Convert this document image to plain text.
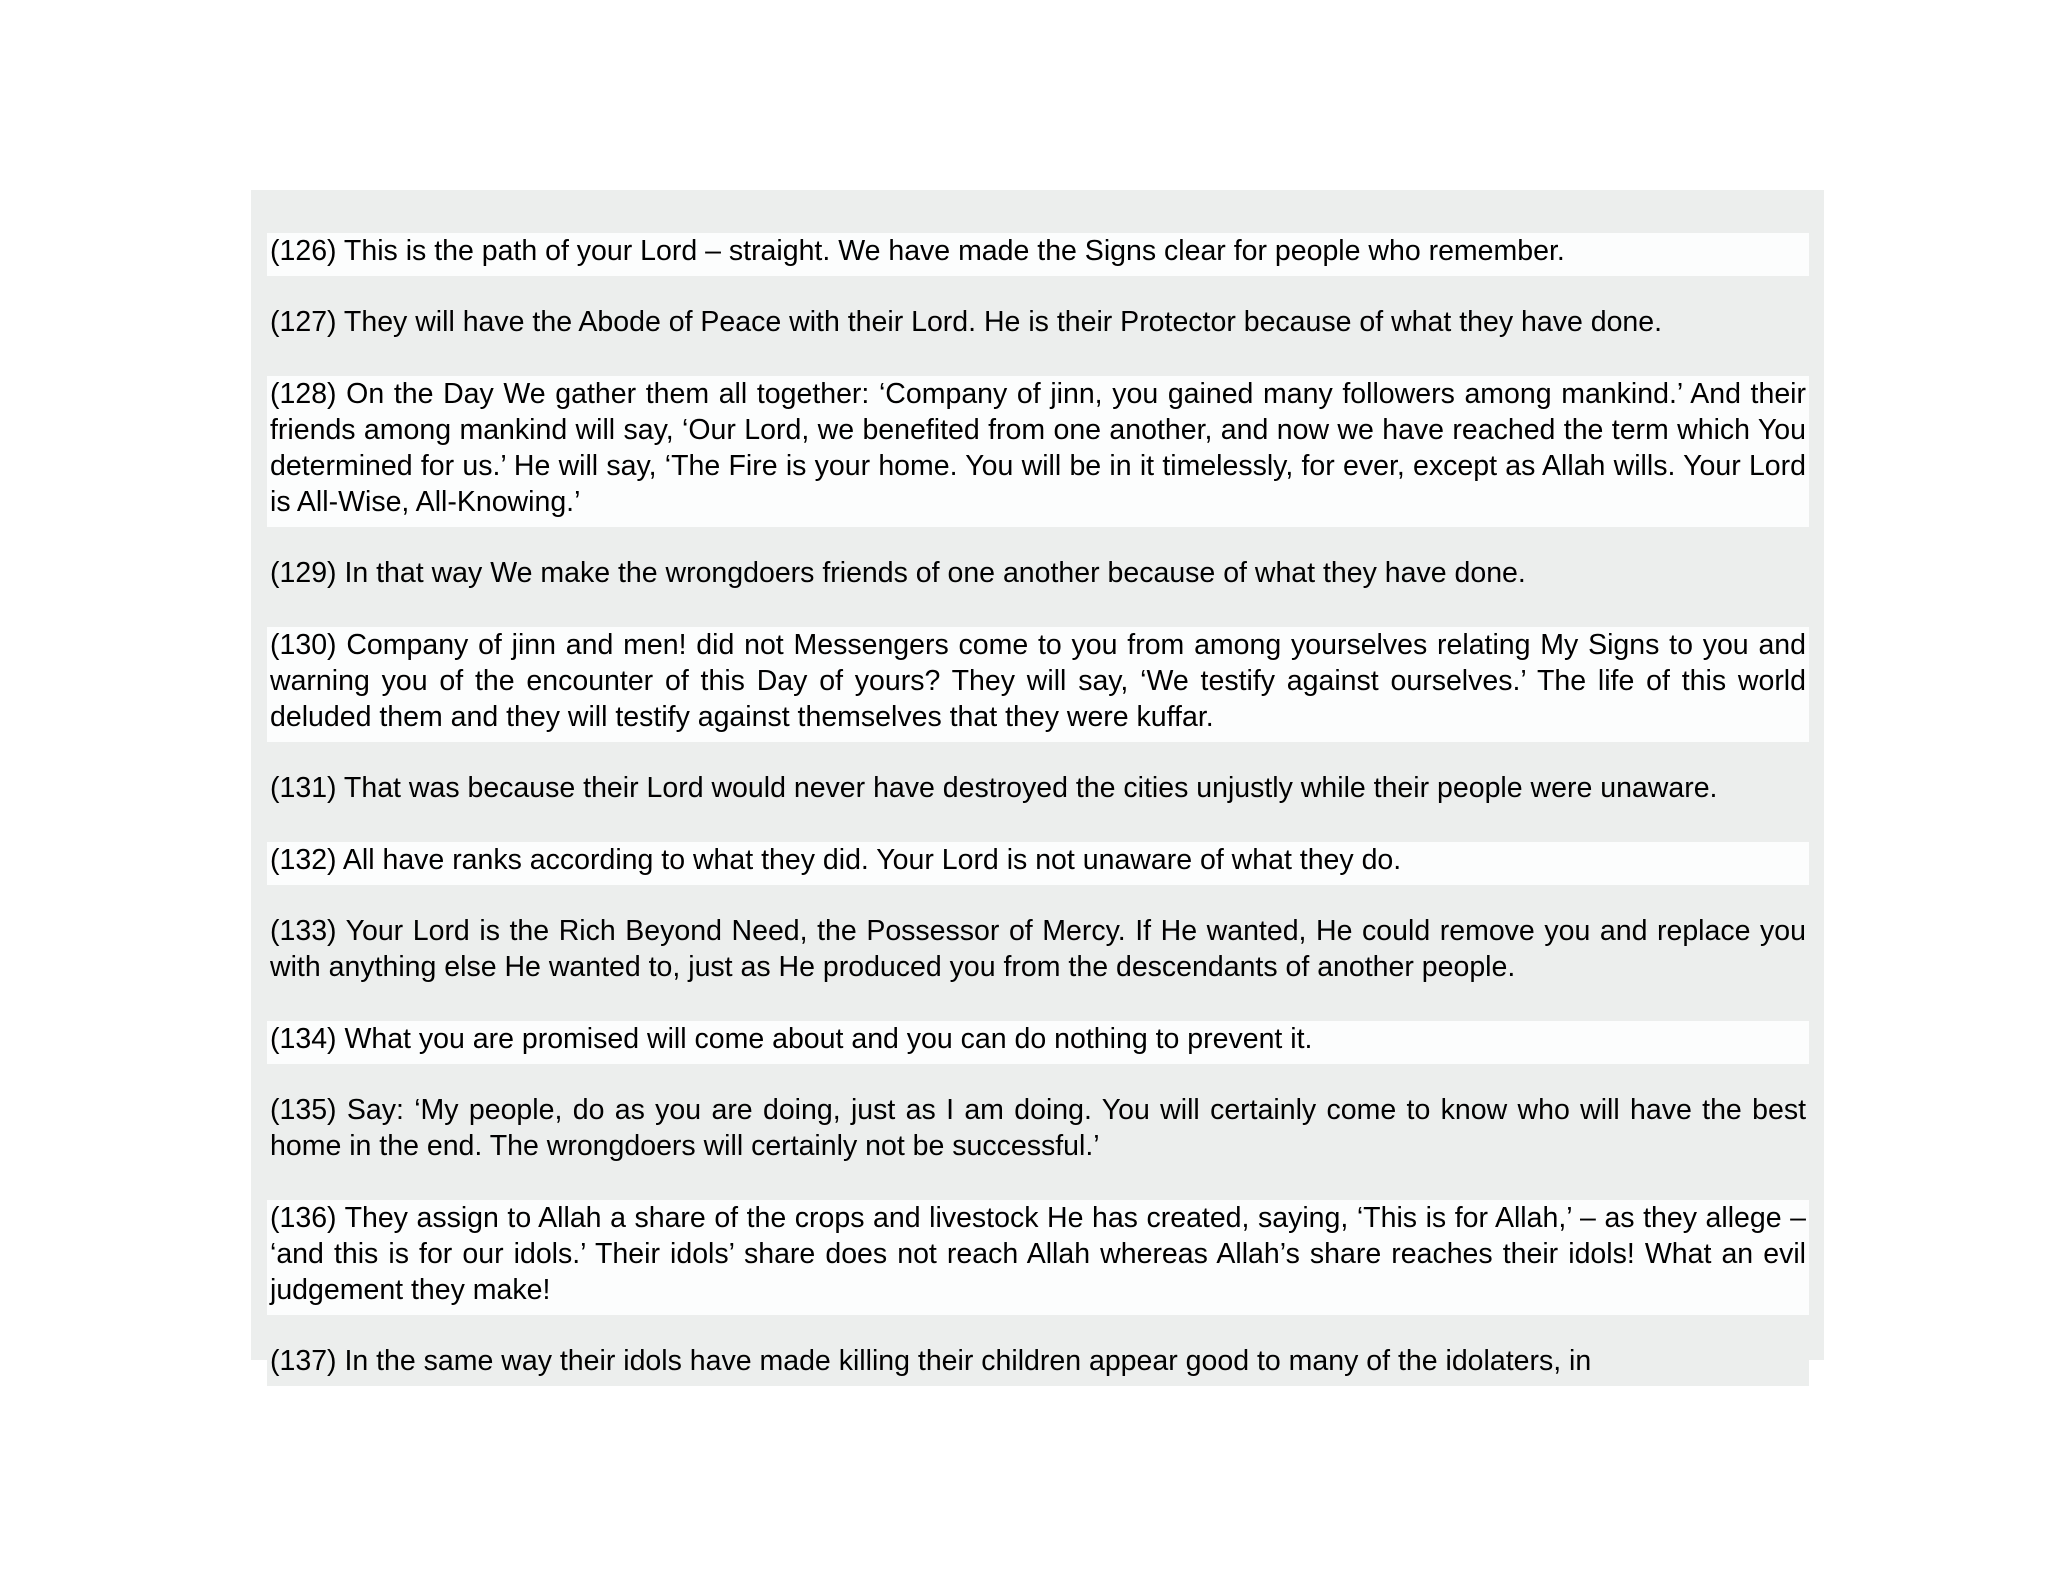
(126) This is the path of your Lord – straight. We have made the Signs clear for people who remember.

(127) They will have the Abode of Peace with their Lord. He is their Protector because of what they have done.

(128) On the Day We gather them all together: ‘Company of jinn, you gained many followers among mankind.’ And their friends among mankind will say, ‘Our Lord, we benefited from one another, and now we have reached the term which You determined for us.’ He will say, ‘The Fire is your home. You will be in it timelessly, for ever, except as Allah wills. Your Lord is All-Wise, All-Knowing.’

(129) In that way We make the wrongdoers friends of one another because of what they have done.

(130) Company of jinn and men! did not Messengers come to you from among yourselves relating My Signs to you and warning you of the encounter of this Day of yours? They will say, ‘We testify against ourselves.’ The life of this world deluded them and they will testify against themselves that they were kuffar.

(131) That was because their Lord would never have destroyed the cities unjustly while their people were unaware.

(132) All have ranks according to what they did. Your Lord is not unaware of what they do.

(133) Your Lord is the Rich Beyond Need, the Possessor of Mercy. If He wanted, He could remove you and replace you with anything else He wanted to, just as He produced you from the descendants of another people.

(134) What you are promised will come about and you can do nothing to prevent it.

(135) Say: ‘My people, do as you are doing, just as I am doing. You will certainly come to know who will have the best home in the end. The wrongdoers will certainly not be successful.’

(136) They assign to Allah a share of the crops and livestock He has created, saying, ‘This is for Allah,’ – as they allege – ‘and this is for our idols.’ Their idols’ share does not reach Allah whereas Allah’s share reaches their idols! What an evil judgement they make!

(137) In the same way their idols have made killing their children appear good to many of the idolaters, in
